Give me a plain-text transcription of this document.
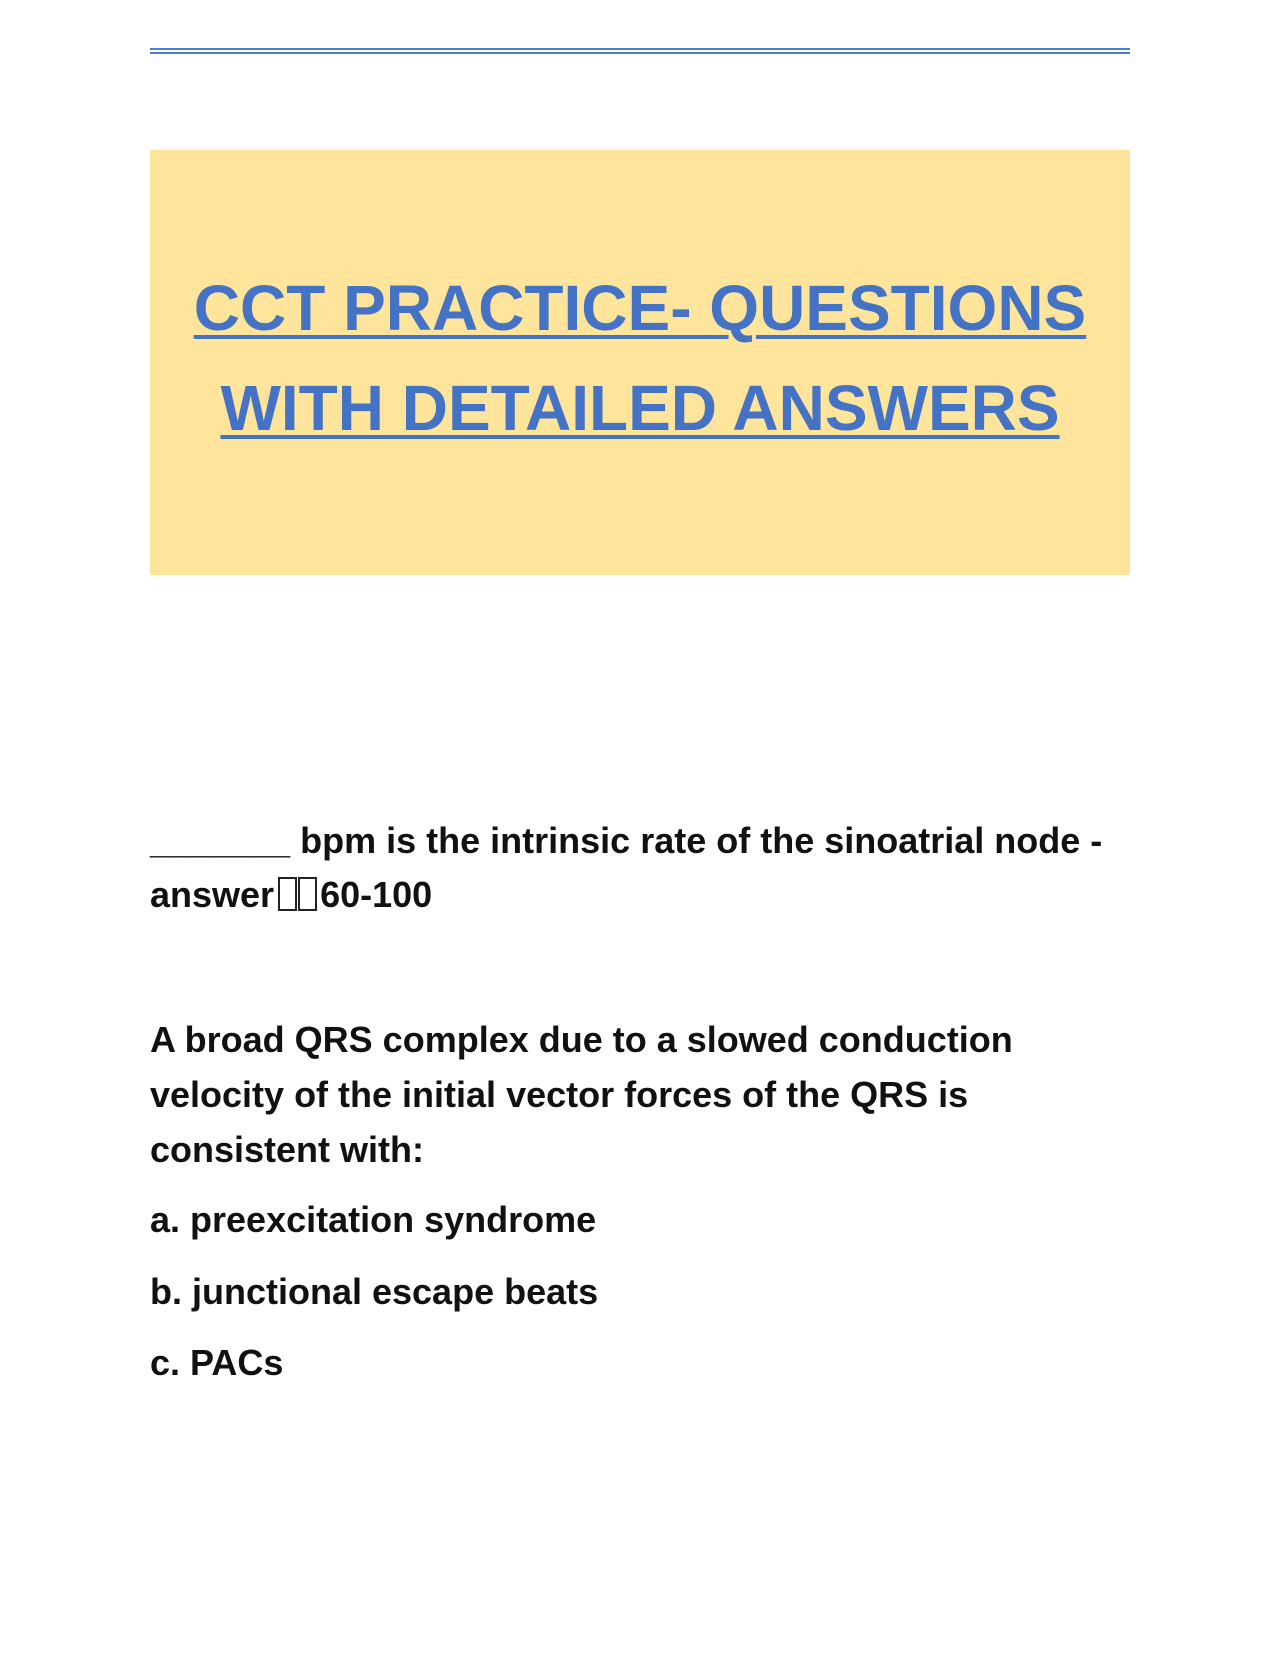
CCT PRACTICE- QUESTIONS
WITH DETAILED ANSWERS
_______ bpm is the intrinsic rate of the sinoatrial node -
answer 60-100
A broad QRS complex due to a slowed conduction velocity of the initial vector forces of the QRS is consistent with:
a. preexcitation syndrome
b. junctional escape beats
c. PACs
